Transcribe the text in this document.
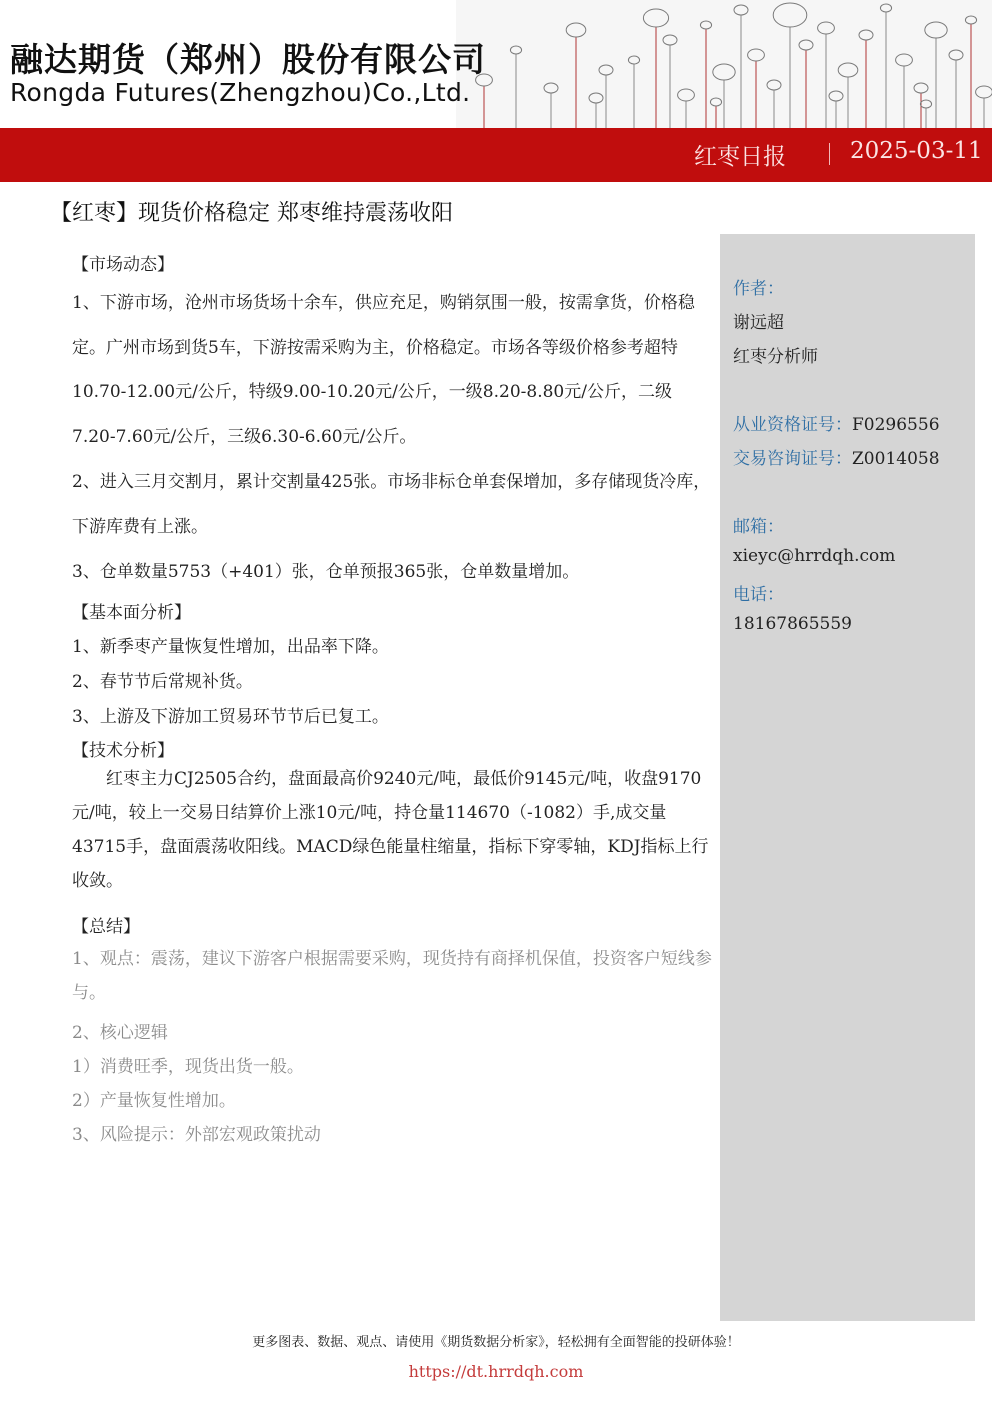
融达期货（郑州）股份有限公司
Rongda Futures(Zhengzhou)Co.,Ltd.
红枣日报	2025-03-11
【红枣】现货价格稳定 郑枣维持震荡收阳
作者：
谢远超
红枣分析师
从业资格证号：F0296556
交易咨询证号：Z0014058
邮箱：
xieyc@hrrdqh.com
电话：
18167865559
【市场动态】
1、下游市场，沧州市场货场十余车，供应充足，购销氛围一般，按需拿货，价格稳定。广州市场到货5车，下游按需采购为主，价格稳定。市场各等级价格参考超特10.70-12.00元/公斤，特级9.00-10.20元/公斤，一级8.20-8.80元/公斤，二级7.20-7.60元/公斤，三级6.30-6.60元/公斤。
2、进入三月交割月，累计交割量425张。市场非标仓单套保增加，多存储现货冷库，下游库费有上涨。
3、仓单数量5753（+401）张，仓单预报365张，仓单数量增加。
【基本面分析】
1、新季枣产量恢复性增加，出品率下降。
2、春节节后常规补货。
3、上游及下游加工贸易环节节后已复工。
【技术分析】
红枣主力CJ2505合约，盘面最高价9240元/吨，最低价9145元/吨，收盘9170元/吨，较上一交易日结算价上涨10元/吨，持仓量114670（-1082）手,成交量43715手，盘面震荡收阳线。MACD绿色能量柱缩量，指标下穿零轴，KDJ指标上行收敛。
【总结】
1、观点：震荡，建议下游客户根据需要采购，现货持有商择机保值，投资客户短线参与。
2、核心逻辑
1）消费旺季，现货出货一般。
2）产量恢复性增加。
3、风险提示：外部宏观政策扰动
更多图表、数据、观点、请使用《期货数据分析家》，轻松拥有全面智能的投研体验！
https://dt.hrrdqh.com
